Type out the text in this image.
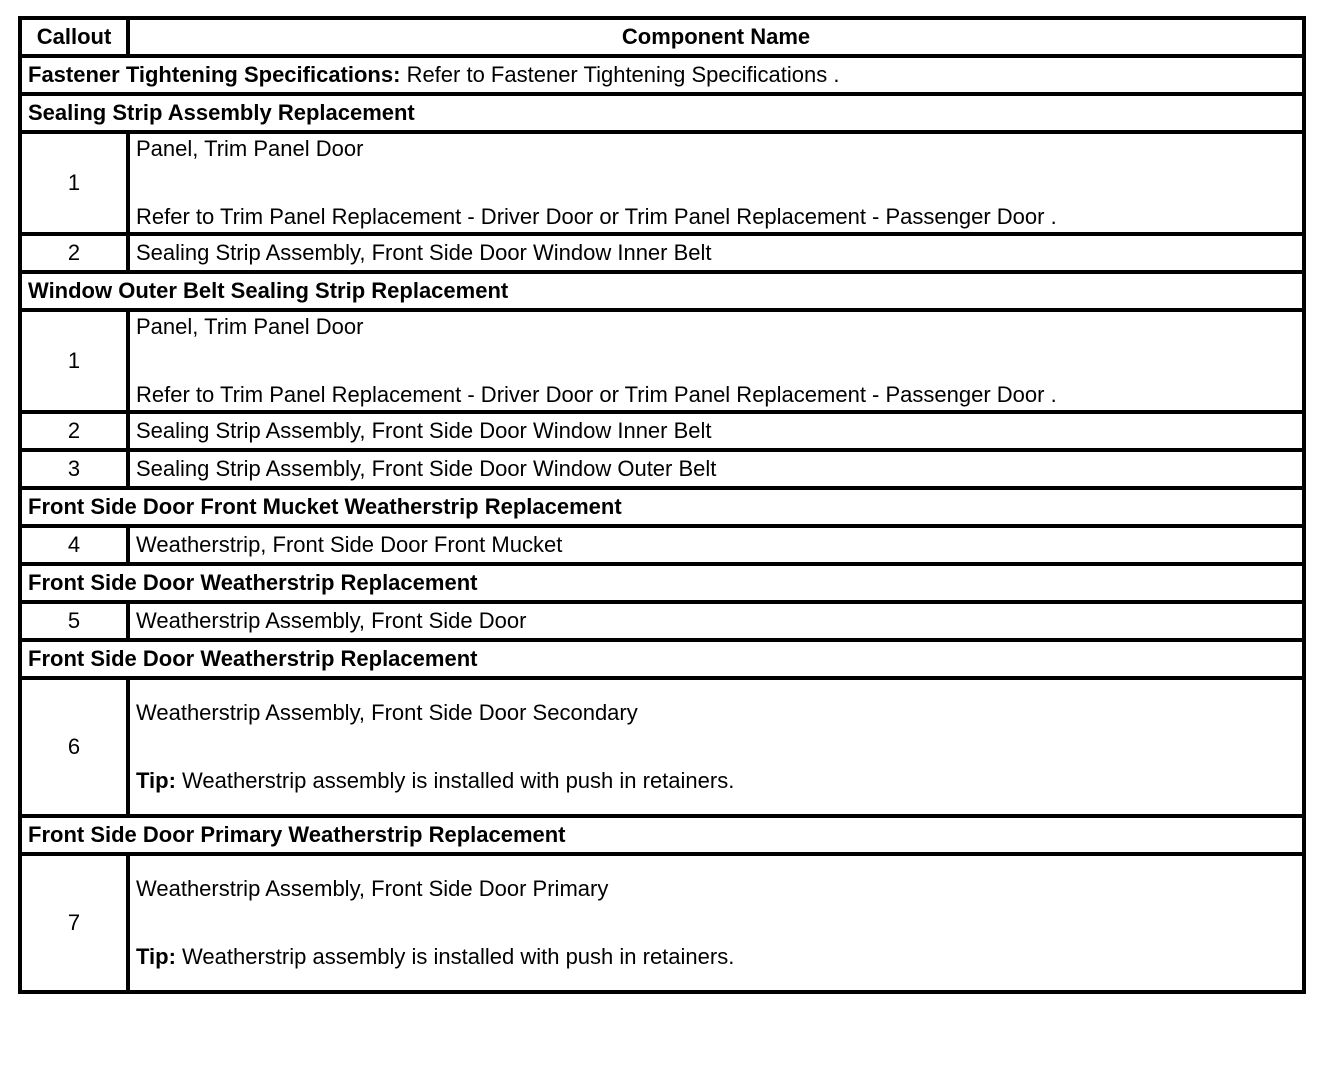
Callout	Component Name
Fastener Tightening Specifications: Refer to Fastener Tightening Specifications .	
Sealing Strip Assembly Replacement	
1	Panel, Trim Panel Door
Refer to Trim Panel Replacement - Driver Door or Trim Panel Replacement - Passenger Door .

2	Sealing Strip Assembly, Front Side Door Window Inner Belt
Window Outer Belt Sealing Strip Replacement	
1	Panel, Trim Panel Door
Refer to Trim Panel Replacement - Driver Door or Trim Panel Replacement - Passenger Door .

2	Sealing Strip Assembly, Front Side Door Window Inner Belt
3	Sealing Strip Assembly, Front Side Door Window Outer Belt
Front Side Door Front Mucket Weatherstrip Replacement	
4	Weatherstrip, Front Side Door Front Mucket
Front Side Door Weatherstrip Replacement	
5	Weatherstrip Assembly, Front Side Door
Front Side Door Weatherstrip Replacement	
6	Weatherstrip Assembly, Front Side Door Secondary
Tip: Weatherstrip assembly is installed with push in retainers.

Front Side Door Primary Weatherstrip Replacement	
7	Weatherstrip Assembly, Front Side Door Primary
Tip: Weatherstrip assembly is installed with push in retainers.
